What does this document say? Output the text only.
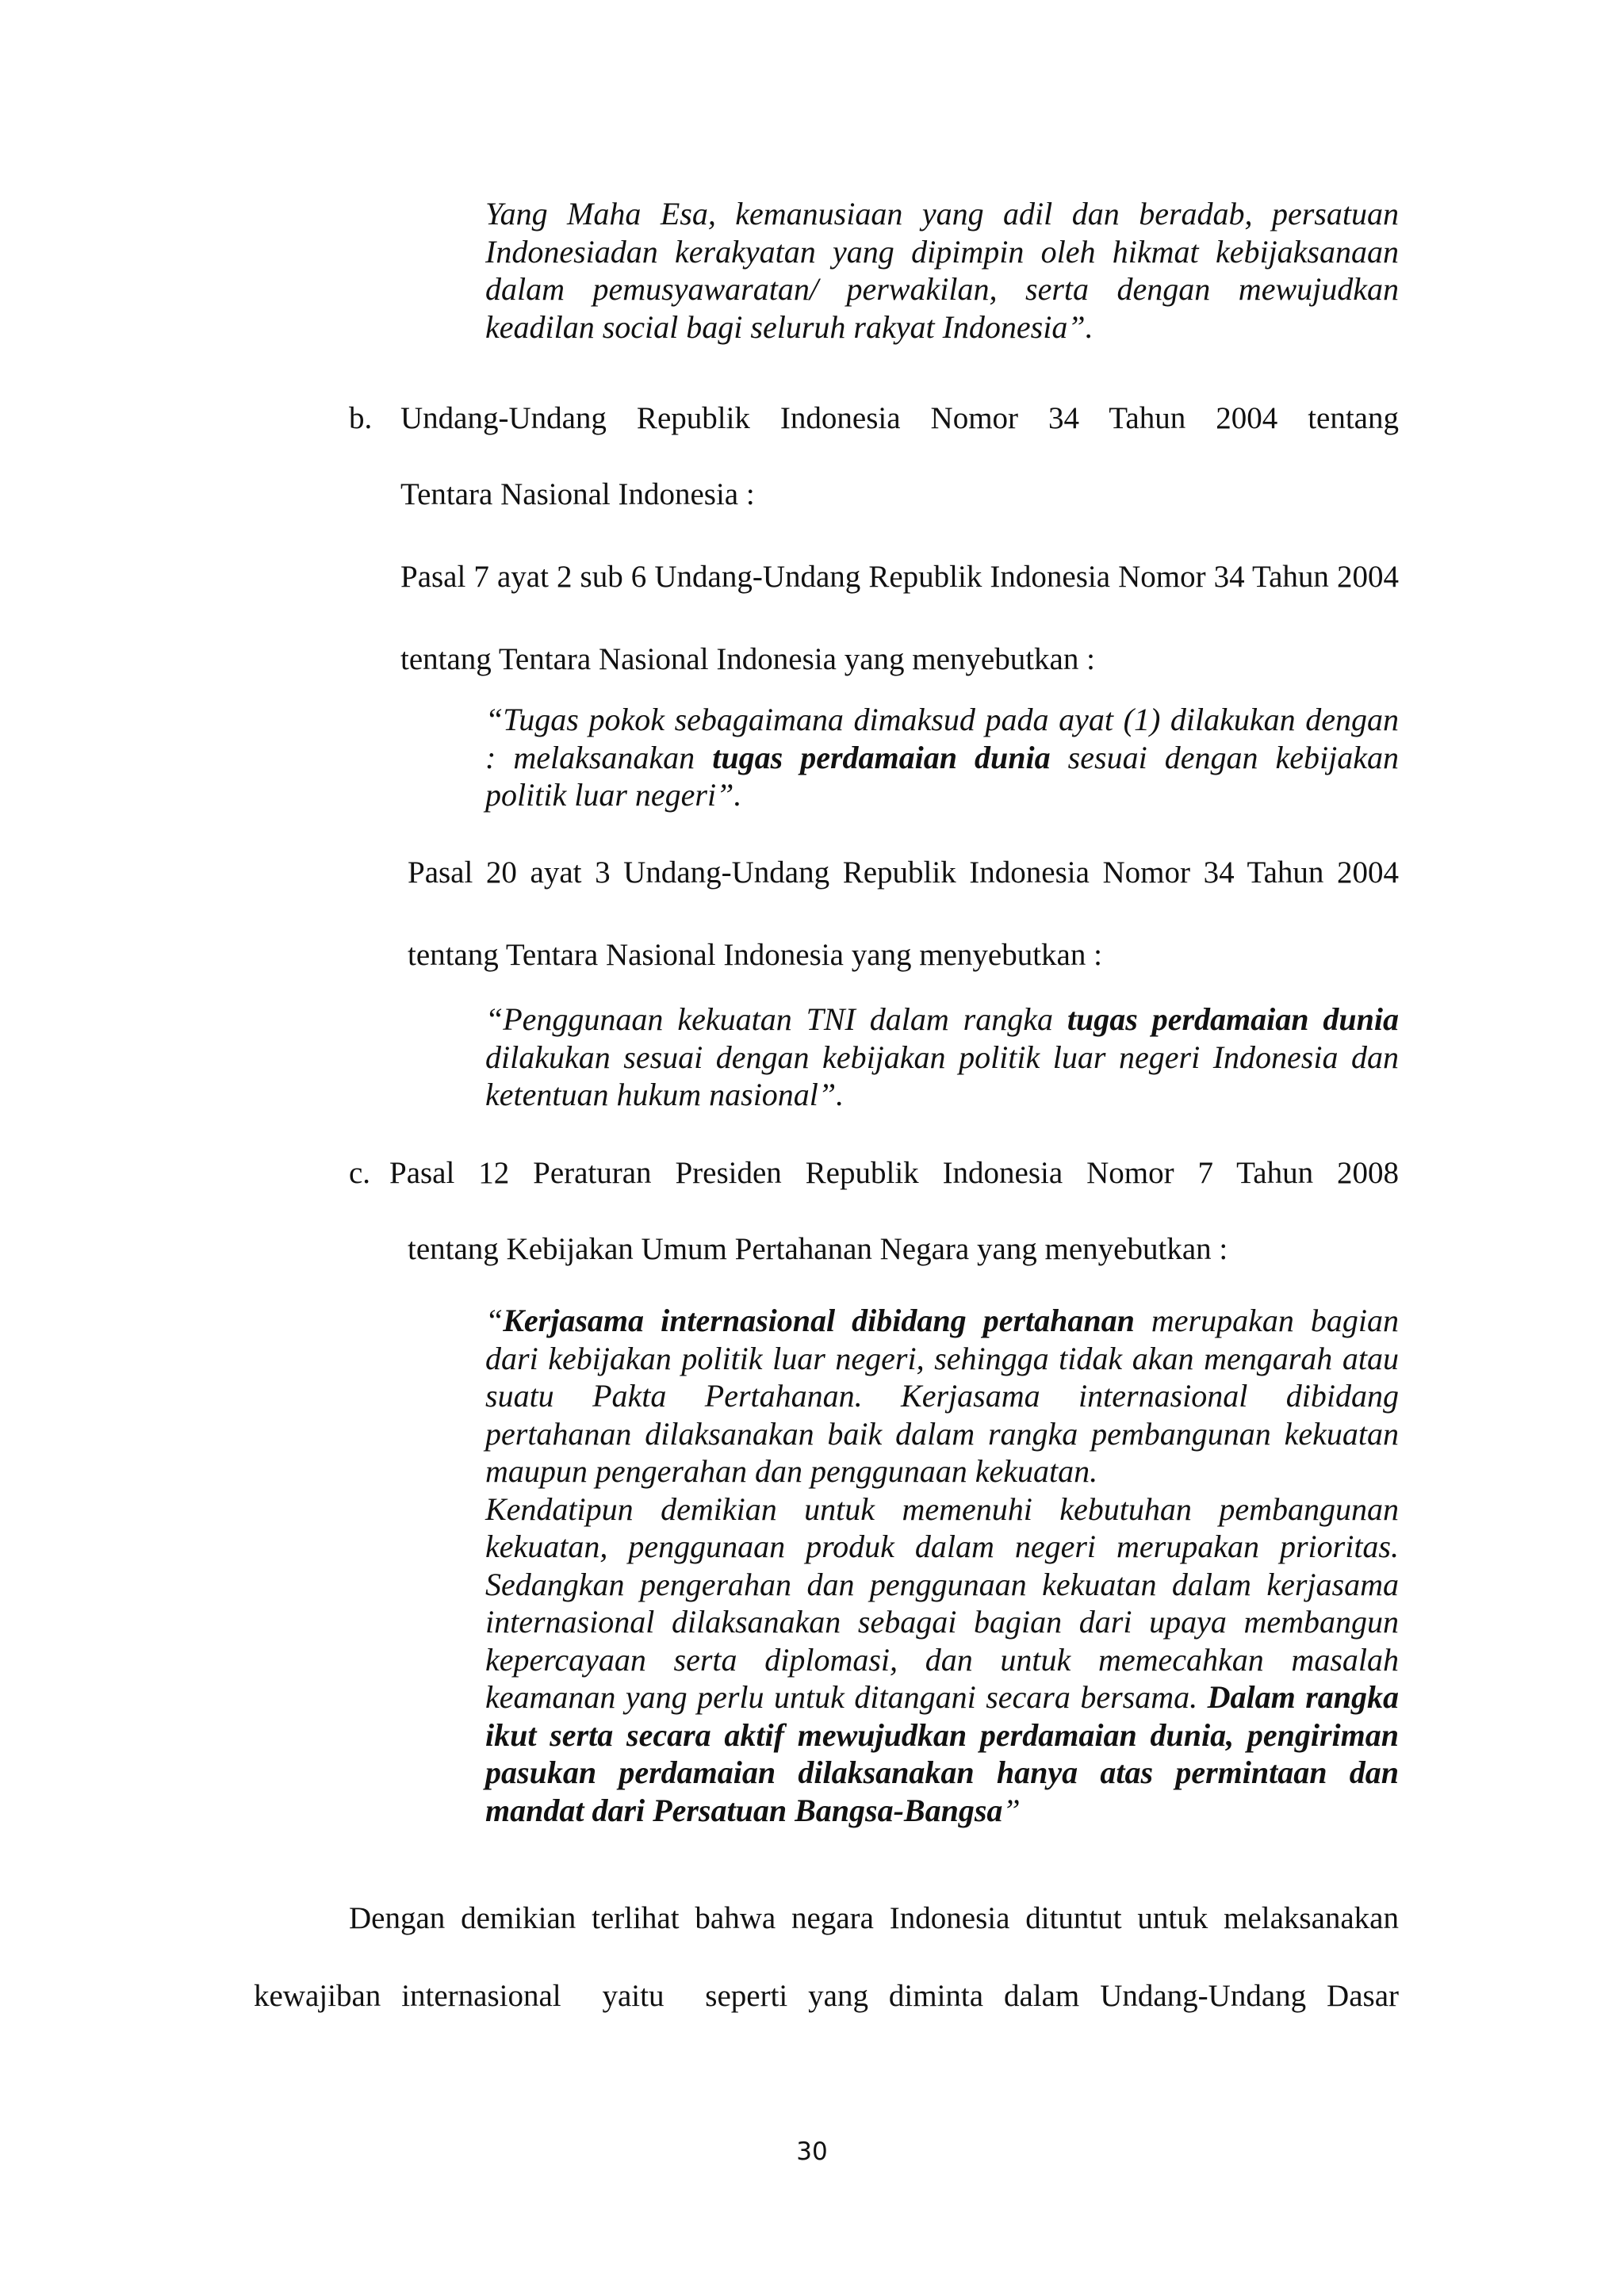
Yang Maha Esa, kemanusiaan yang adil dan beradab, persatuan Indonesiadan kerakyatan yang dipimpin oleh hikmat kebijaksanaan dalam pemusyawaratan/ perwakilan, serta dengan mewujudkan keadilan social bagi seluruh rakyat Indonesia”.

b. Undang-Undang Republik Indonesia Nomor 34 Tahun 2004 tentang
Tentara Nasional Indonesia :

Pasal 7 ayat 2 sub 6 Undang-Undang Republik Indonesia Nomor 34 Tahun 2004 tentang Tentara Nasional Indonesia yang menyebutkan :

“Tugas pokok sebagaimana dimaksud pada ayat (1) dilakukan dengan : melaksanakan tugas perdamaian dunia sesuai dengan kebijakan politik luar negeri”.

Pasal 20 ayat 3 Undang-Undang Republik Indonesia Nomor 34 Tahun 2004 tentang Tentara Nasional Indonesia yang menyebutkan :

“Penggunaan kekuatan TNI dalam rangka tugas perdamaian dunia dilakukan sesuai dengan kebijakan politik luar negeri Indonesia dan ketentuan hukum nasional”.

c. Pasal 12 Peraturan Presiden Republik Indonesia Nomor 7 Tahun 2008
tentang Kebijakan Umum Pertahanan Negara yang menyebutkan :

“Kerjasama internasional dibidang pertahanan merupakan bagian dari kebijakan politik luar negeri, sehingga tidak akan mengarah atau suatu Pakta Pertahanan. Kerjasama internasional dibidang pertahanan dilaksanakan baik dalam rangka pembangunan kekuatan maupun pengerahan dan penggunaan kekuatan.
Kendatipun demikian untuk memenuhi kebutuhan pembangunan kekuatan, penggunaan produk dalam negeri merupakan prioritas. Sedangkan pengerahan dan penggunaan kekuatan dalam kerjasama internasional dilaksanakan sebagai bagian dari upaya membangun kepercayaan serta diplomasi, dan untuk memecahkan masalah keamanan yang perlu untuk ditangani secara bersama. Dalam rangka ikut serta secara aktif mewujudkan perdamaian dunia, pengiriman pasukan perdamaian dilaksanakan hanya atas permintaan dan mandat dari Persatuan Bangsa-Bangsa”

Dengan demikian terlihat bahwa negara Indonesia dituntut untuk melaksanakan
kewajiban internasional  yaitu  seperti yang diminta dalam Undang-Undang Dasar
30
